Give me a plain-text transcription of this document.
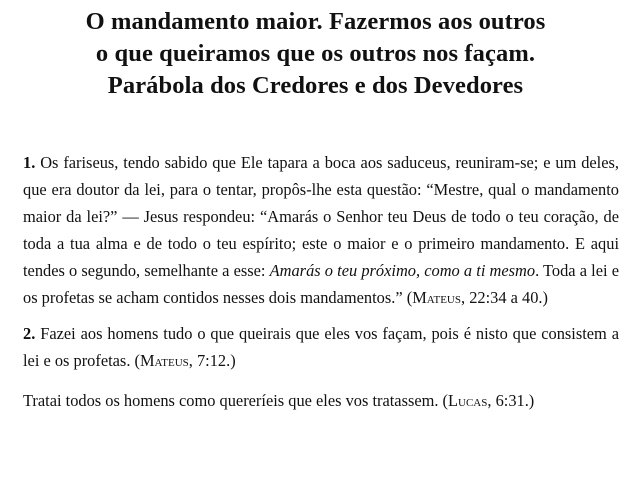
O mandamento maior. Fazermos aos outros
o que queiramos que os outros nos façam.
Parábola dos Credores e dos Devedores

1. Os fariseus, tendo sabido que Ele tapara a boca aos saduceus, reuniram-se; e um deles, que era doutor da lei, para o tentar, propôs-lhe esta questão: “Mestre, qual o mandamento maior da lei?” — Jesus respondeu: “Amarás o Senhor teu Deus de todo o teu coração, de toda a tua alma e de todo o teu espírito; este o maior e o primeiro mandamento. E aqui tendes o segundo, semelhante a esse: Amarás o teu próximo, como a ti mesmo. Toda a lei e os profetas se acham contidos nesses dois mandamentos.” (Mateus, 22:34 a 40.)

2. Fazei aos homens tudo o que queirais que eles vos façam, pois é nisto que consistem a lei e os profetas. (Mateus, 7:12.)

Tratai todos os homens como quereríeis que eles vos tratassem. (Lucas, 6:31.)
